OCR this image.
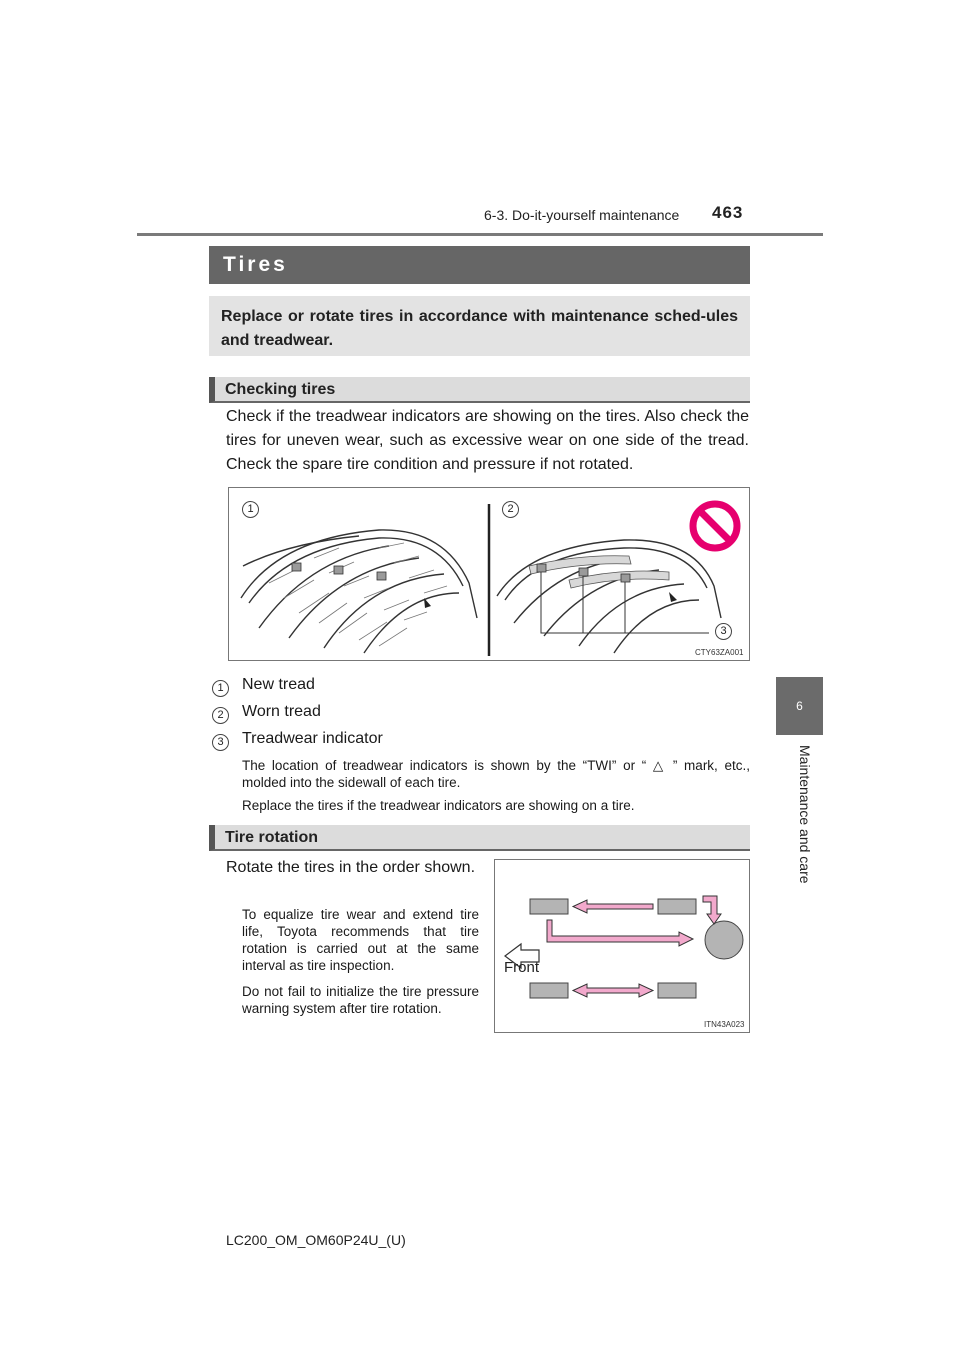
6-3. Do-it-yourself maintenance 463
6
Maintenance and care
Tires
Replace or rotate tires in accordance with maintenance sched-ules and treadwear.
Checking tires
Check if the treadwear indicators are showing on the tires. Also check the tires for uneven wear, such as excessive wear on one side of the tread. Check the spare tire condition and pressure if not rotated.
1	2
3
CTY63ZA001
1 New tread
2 Worn tread
3 Treadwear indicator
The location of treadwear indicators is shown by the “TWI” or “ △ ” mark, etc., molded into the sidewall of each tire.
Replace the tires if the treadwear indicators are showing on a tire.
Tire rotation
Rotate the tires in the order shown.
To equalize tire wear and extend tire life, Toyota recommends that tire rotation is carried out at the same interval as tire inspection.
Do not fail to initialize the tire pressure warning system after tire rotation.
Front
ITN43A023
LC200_OM_OM60P24U_(U)
